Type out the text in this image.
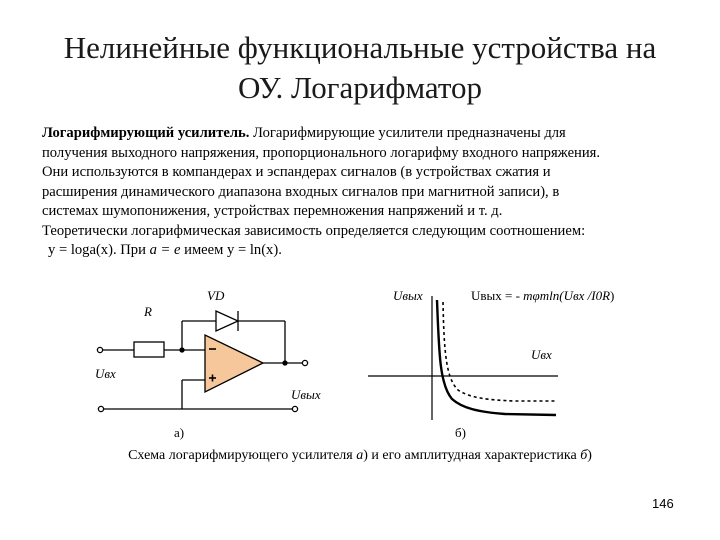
Нелинейные функциональные устройства на
ОУ. Логарифматор
Логарифмирующий усилитель. Логарифмирующие усилители предназначены для
получения выходного напряжения, пропорционального логарифму входного напряжения.
Они используются в компандерах и эспандерах сигналов (в устройствах сжатия и
расширения динамического диапазона входных сигналов при магнитной записи), в
системах шумопонижения, устройствах перемножения напряжений и т. д.
Теоретически логарифмическая зависимость определяется следующим соотношением:
у = loga(x). При а = е имеем у = ln(x).
VD
R
Uвх
Uвых
а)
Uвых	Uвых = - mφтln(Uвх /I0R)
Uвх
б)
Схема логарифмирующего усилителя а) и его амплитудная характеристика б)
146
